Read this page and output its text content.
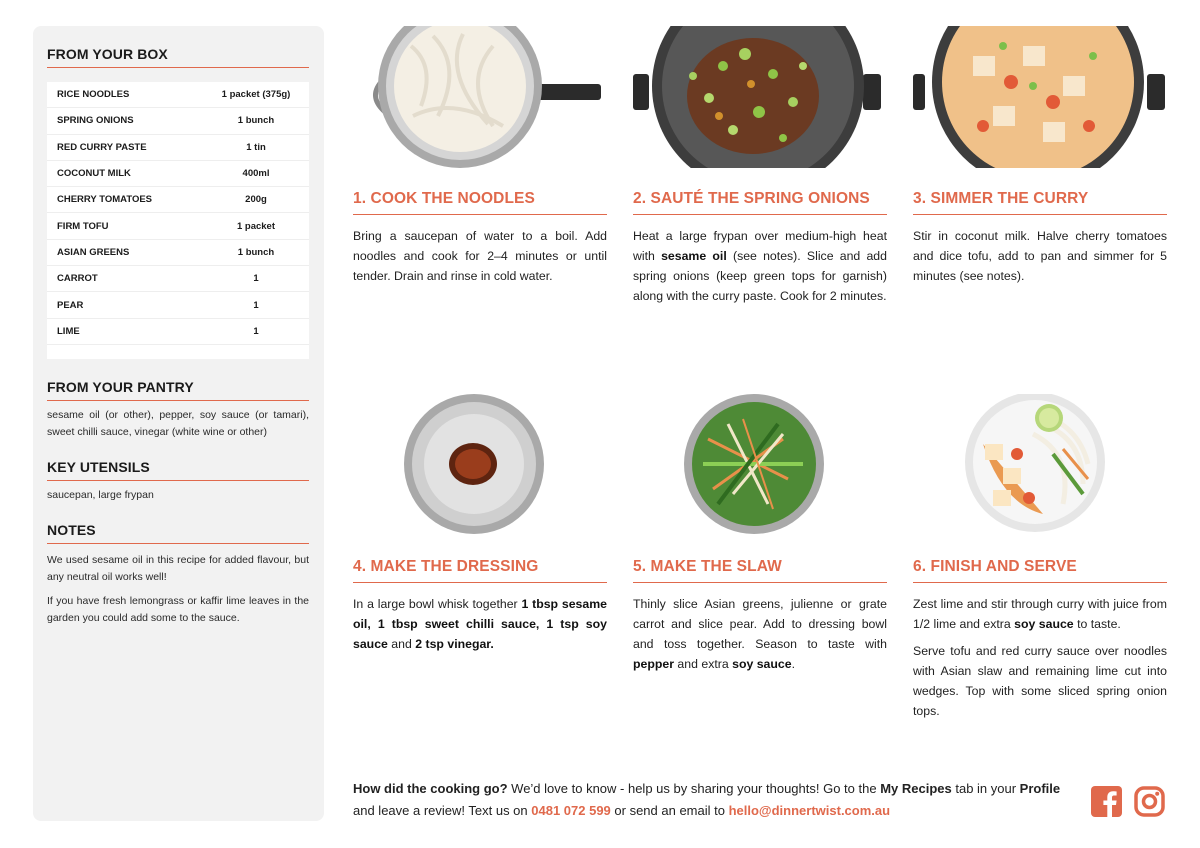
FROM YOUR BOX
RICE NOODLES	1 packet (375g)
SPRING ONIONS	1 bunch
RED CURRY PASTE	1 tin
COCONUT MILK	400ml
CHERRY TOMATOES	200g
FIRM TOFU	1 packet
ASIAN GREENS	1 bunch
CARROT	1
PEAR	1
LIME	1
FROM YOUR PANTRY

sesame oil (or other), pepper, soy sauce (or tamari), sweet chilli sauce, vinegar (white wine or other)

KEY UTENSILS

saucepan, large frypan

NOTES

We used sesame oil in this recipe for added flavour, but any neutral oil works well!

If you have fresh lemongrass or kaffir lime leaves in the garden you could add some to the sauce.

1. COOK THE NOODLES

Bring a saucepan of water to a boil. Add noodles and cook for 2–4 minutes or until tender. Drain and rinse in cold water.

2. SAUTÉ THE SPRING ONIONS

Heat a large frypan over medium-high heat with sesame oil (see notes). Slice and add spring onions (keep green tops for garnish) along with the curry paste. Cook for 2 minutes.

3. SIMMER THE CURRY

Stir in coconut milk. Halve cherry tomatoes and dice tofu, add to pan and simmer for 5 minutes (see notes).

4. MAKE THE DRESSING

In a large bowl whisk together 1 tbsp sesame oil, 1 tbsp sweet chilli sauce, 1 tsp soy sauce and 2 tsp vinegar.

5. MAKE THE SLAW

Thinly slice Asian greens, julienne or grate carrot and slice pear. Add to dressing bowl and toss together. Season to taste with pepper and extra soy sauce.

6. FINISH AND SERVE

Zest lime and stir through curry with juice from 1/2 lime and extra soy sauce to taste.

Serve tofu and red curry sauce over noodles with Asian slaw and remaining lime cut into wedges. Top with some sliced spring onion tops.

How did the cooking go? We’d love to know - help us by sharing your thoughts! Go to the My Recipes tab in your Profile and leave a review! Text us on 0481 072 599 or send an email to hello@dinnertwist.com.au
